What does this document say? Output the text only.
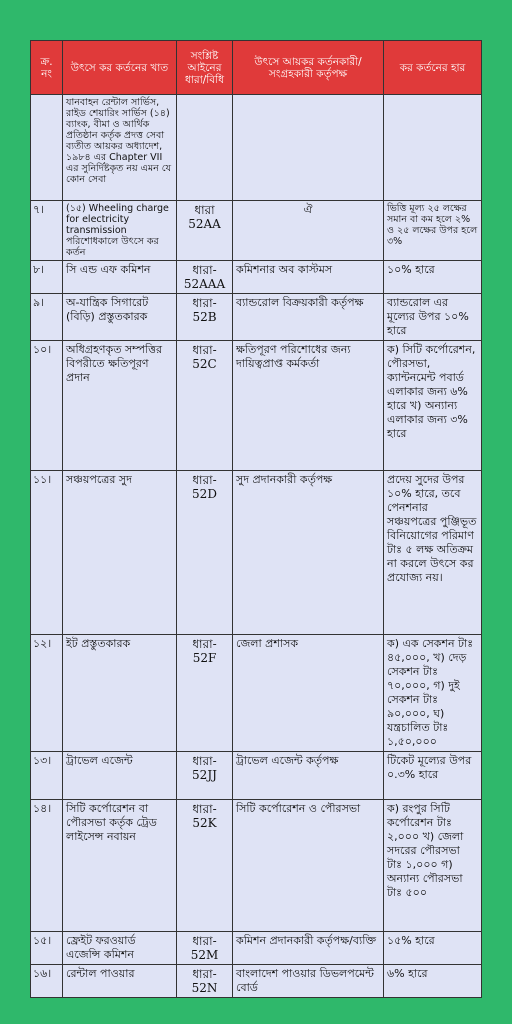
ক্র. নং	উৎসে কর কর্তনের খাত	সংশ্লিষ্ট আইনের ধারা/বিধি	উৎসে আয়কর কর্তনকারী/ সংগ্রহকারী কর্তৃপক্ষ	কর কর্তনের হার
	যানবাহন রেন্টাল সার্ভিস, রাইড শেয়ারিং সার্ভিস (১৪) ব্যাংক, বীমা ও আর্থিক প্রতিষ্ঠান কর্তৃক প্রদত্ত সেবা ব্যতীত আয়কর অধ্যাদেশ, ১৯৮৪ এর Chapter VII এর সুনির্দিষ্টকৃত নয় এমন যে কোন সেবা			
৭।	(১৫) Wheeling charge for electricity transmission পরিশোধকালে উৎসে কর কর্তন	ধারা 52AA	ঐ	ভিত্তি মূল্য ২৫ লক্ষের সমান বা কম হলে ২% ও ২৫ লক্ষের উপর হলে ৩%
৮।	সি এন্ড এফ কমিশন	ধারা- 52AAA	কমিশনার অব কাস্টমস	১০% হারে
৯।	অ-যান্ত্রিক সিগারেট (বিড়ি) প্রস্তুতকারক	ধারা- 52B	ব্যান্ডরোল বিক্রয়কারী কর্তৃপক্ষ	ব্যান্ডরোল এর মূল্যের উপর ১০% হারে
১০।	অধিগ্রহণকৃত সম্পত্তির বিপরীতে ক্ষতিপূরণ প্রদান	ধারা- 52C	ক্ষতিপূরণ পরিশোধের জন্য দায়িত্বপ্রাপ্ত কর্মকর্তা	ক) সিটি কর্পোরেশন, পৌরসভা, ক্যান্টনমেন্ট পবার্ড এলাকার জন্য ৬% হারে খ) অন্যান্য এলাকার জন্য ৩% হারে
১১।	সঞ্চয়পত্রের সুদ	ধারা- 52D	সুদ প্রদানকারী কর্তৃপক্ষ	প্রদেয় সুদের উপর ১০% হারে, তবে পেনশনার সঞ্চয়পত্রের পুঞ্জিভূত বিনিয়োগের পরিমাণ টাঃ ৫ লক্ষ অতিক্রম না করলে উৎসে কর প্রযোজ্য নয়।
১২।	ইট প্রস্তুতকারক	ধারা- 52F	জেলা প্রশাসক	ক) এক সেকশন টাঃ ৪৫,০০০, খ) দেড় সেকশন টাঃ ৭০,০০০, গ) দুই সেকশন টাঃ ৯০,০০০, ঘ) যন্ত্রচালিত টাঃ ১,৫০,০০০
১৩।	ট্রাভেল এজেন্ট	ধারা- 52JJ	ট্রাভেল এজেন্ট কর্তৃপক্ষ	টিকেট মূল্যের উপর ০.৩% হারে
১৪।	সিটি কর্পোরেশন বা পৌরসভা কর্তৃক ট্রেড লাইসেন্স নবায়ন	ধারা- 52K	সিটি কর্পোরেশন ও পৌরসভা	ক) রংপুর সিটি কর্পোরেশন টাঃ ২,০০০ খ) জেলা সদরের পৌরসভা টাঃ ১,০০০ গ) অন্যান্য পৌরসভা টাঃ ৫০০
১৫।	ফ্রেইট ফরওয়ার্ড এজেন্সি কমিশন	ধারা- 52M	কমিশন প্রদানকারী কর্তৃপক্ষ/ব্যক্তি	১৫% হারে
১৬।	রেন্টাল পাওয়ার	ধারা- 52N	বাংলাদেশ পাওয়ার ডিভলপমেন্ট বোর্ড	৬% হারে
